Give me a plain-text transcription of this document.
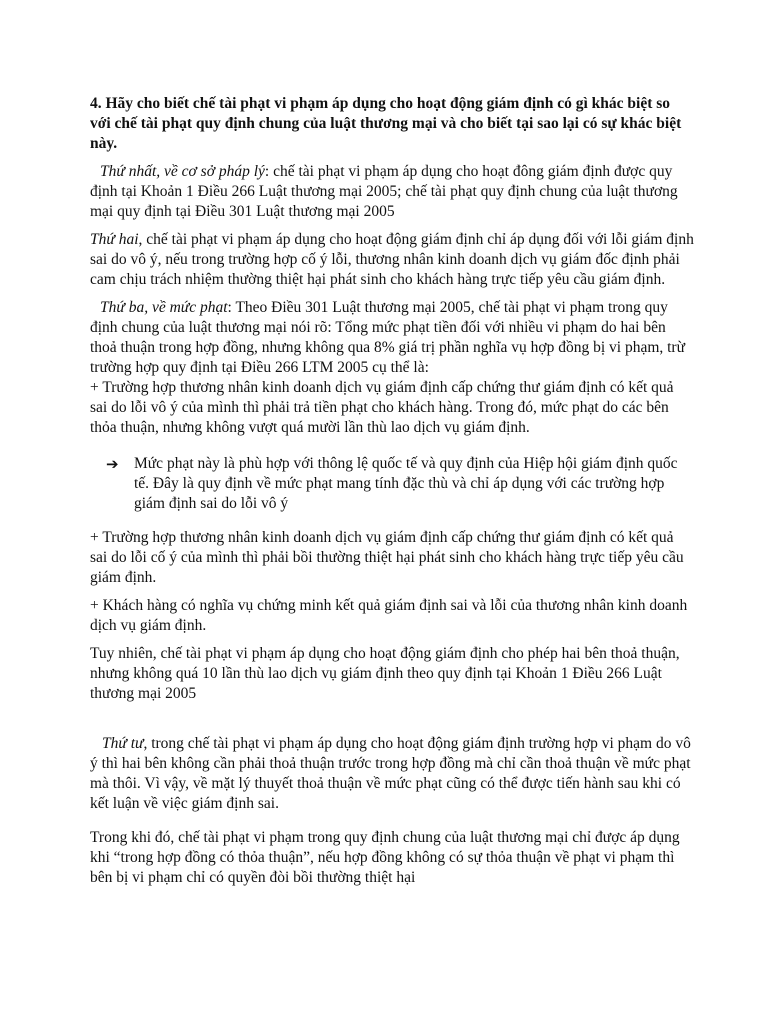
4. Hãy cho biết chế tài phạt vi phạm áp dụng cho hoạt động giám định có gì khác biệt so với chế tài phạt quy định chung của luật thương mại và cho biết tại sao lại có sự khác biệt này.

Thứ nhất, về cơ sở pháp lý: chế tài phạt vi phạm áp dụng cho hoạt đông giám định được quy định tại Khoản 1 Điều 266 Luật thương mại 2005; chế tài phạt quy định chung của luật thương mại quy định tại Điều 301 Luật thương mại 2005

Thứ hai, chế tài phạt vi phạm áp dụng cho hoạt động giám định chỉ áp dụng đối với lỗi giám định sai do vô ý, nếu trong trường hợp cố ý lỗi, thương nhân kinh doanh dịch vụ giám đốc định phải cam chịu trách nhiệm thường thiệt hại phát sinh cho khách hàng trực tiếp yêu cầu giám định.

Thứ ba, về mức phạt: Theo Điều 301 Luật thương mại 2005, chế tài phạt vi phạm trong quy định chung của luật thương mại nói rõ: Tổng mức phạt tiền đối với nhiều vi phạm do hai bên thoả thuận trong hợp đồng, nhưng không qua 8% giá trị phần nghĩa vụ hợp đồng bị vi phạm, trừ trường hợp quy định tại Điều 266 LTM 2005 cụ thể là:

+ Trường hợp thương nhân kinh doanh dịch vụ giám định cấp chứng thư giám định có kết quả sai do lỗi vô ý của mình thì phải trả tiền phạt cho khách hàng. Trong đó, mức phạt do các bên thỏa thuận, nhưng không vượt quá mười lần thù lao dịch vụ giám định.

➔ Mức phạt này là phù hợp với thông lệ quốc tế và quy định của Hiệp hội giám định quốc tế. Đây là quy định về mức phạt mang tính đặc thù và chỉ áp dụng với các trường hợp giám định sai do lỗi vô ý

+ Trường hợp thương nhân kinh doanh dịch vụ giám định cấp chứng thư giám định có kết quả sai do lỗi cố ý của mình thì phải bồi thường thiệt hại phát sinh cho khách hàng trực tiếp yêu cầu giám định.

+ Khách hàng có nghĩa vụ chứng minh kết quả giám định sai và lỗi của thương nhân kinh doanh dịch vụ giám định.

Tuy nhiên, chế tài phạt vi phạm áp dụng cho hoạt động giám định cho phép hai bên thoả thuận, nhưng không quá 10 lần thù lao dịch vụ giám định theo quy định tại Khoản 1 Điều 266 Luật thương mại 2005

Thứ tư, trong chế tài phạt vi phạm áp dụng cho hoạt động giám định trường hợp vi phạm do vô ý thì hai bên không cần phải thoả thuận trước trong hợp đồng mà chỉ cần thoả thuận về mức phạt mà thôi. Vì vậy, về mặt lý thuyết thoả thuận về mức phạt cũng có thể được tiến hành sau khi có kết luận về việc giám định sai.

Trong khi đó, chế tài phạt vi phạm trong quy định chung của luật thương mại chỉ được áp dụng khi “trong hợp đồng có thỏa thuận”, nếu hợp đồng không có sự thỏa thuận về phạt vi phạm thì bên bị vi phạm chỉ có quyền đòi bồi thường thiệt hại
